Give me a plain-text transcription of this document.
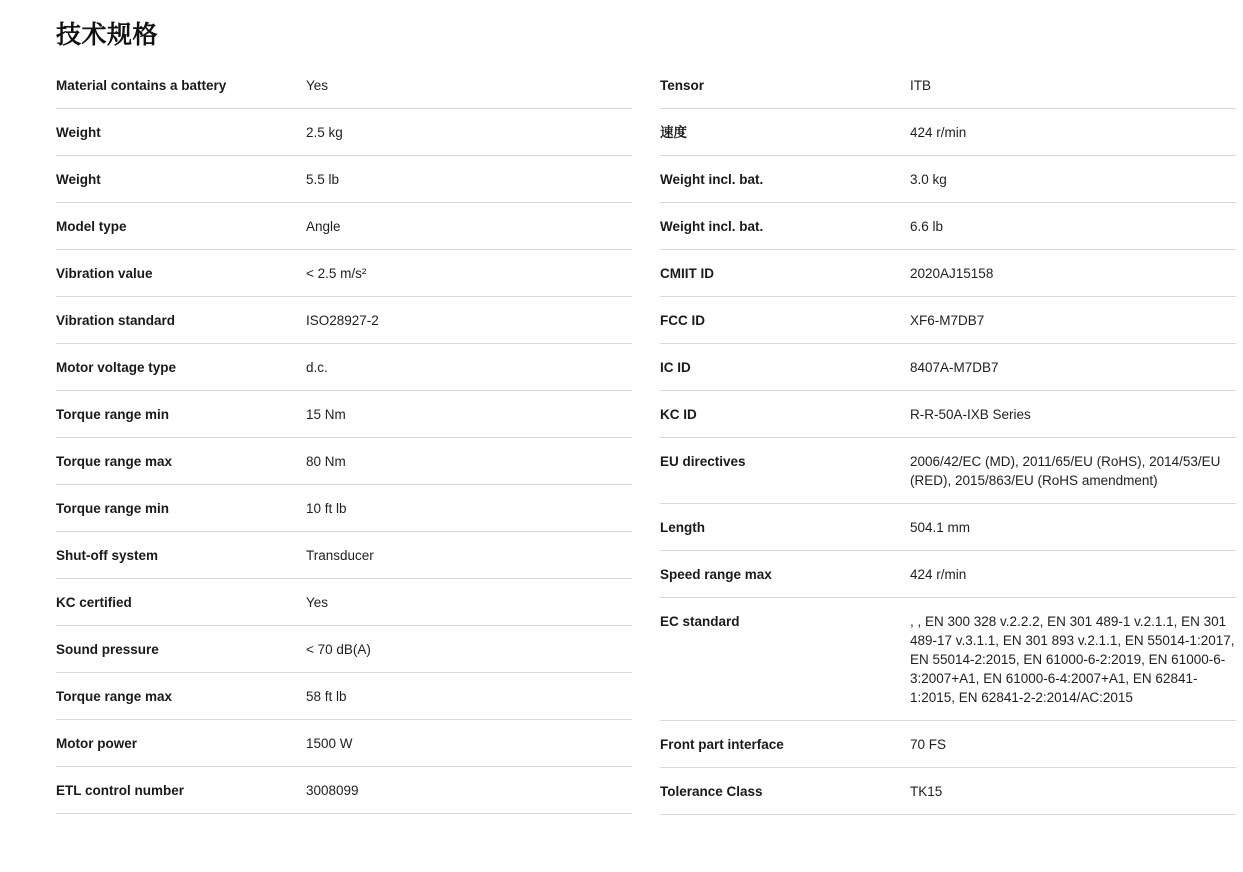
技术规格
Material contains a battery	Yes
Weight	2.5 kg
Weight	5.5 lb
Model type	Angle
Vibration value	< 2.5 m/s²
Vibration standard	ISO28927-2
Motor voltage type	d.c.
Torque range min	15 Nm
Torque range max	80 Nm
Torque range min	10 ft lb
Shut-off system	Transducer
KC certified	Yes
Sound pressure	< 70 dB(A)
Torque range max	58 ft lb
Motor power	1500 W
ETL control number	3008099
Tensor	ITB
速度	424 r/min
Weight incl. bat.	3.0 kg
Weight incl. bat.	6.6 lb
CMIIT ID	2020AJ15158
FCC ID	XF6-M7DB7
IC ID	8407A-M7DB7
KC ID	R-R-50A-IXB Series
EU directives	2006/42/EC (MD), 2011/65/EU (RoHS), 2014/53/EU (RED), 2015/863/EU (RoHS amendment)
Length	504.1 mm
Speed range max	424 r/min
EC standard	, , EN 300 328 v.2.2.2, EN 301 489-1 v.2.1.1, EN 301 489-17 v.3.1.1, EN 301 893 v.2.1.1, EN 55014-1:2017, EN 55014-2:2015, EN 61000-6-2:2019, EN 61000-6-3:2007+A1, EN 61000-6-4:2007+A1, EN 62841-1:2015, EN 62841-2-2:2014/AC:2015
Front part interface	70 FS
Tolerance Class	TK15
